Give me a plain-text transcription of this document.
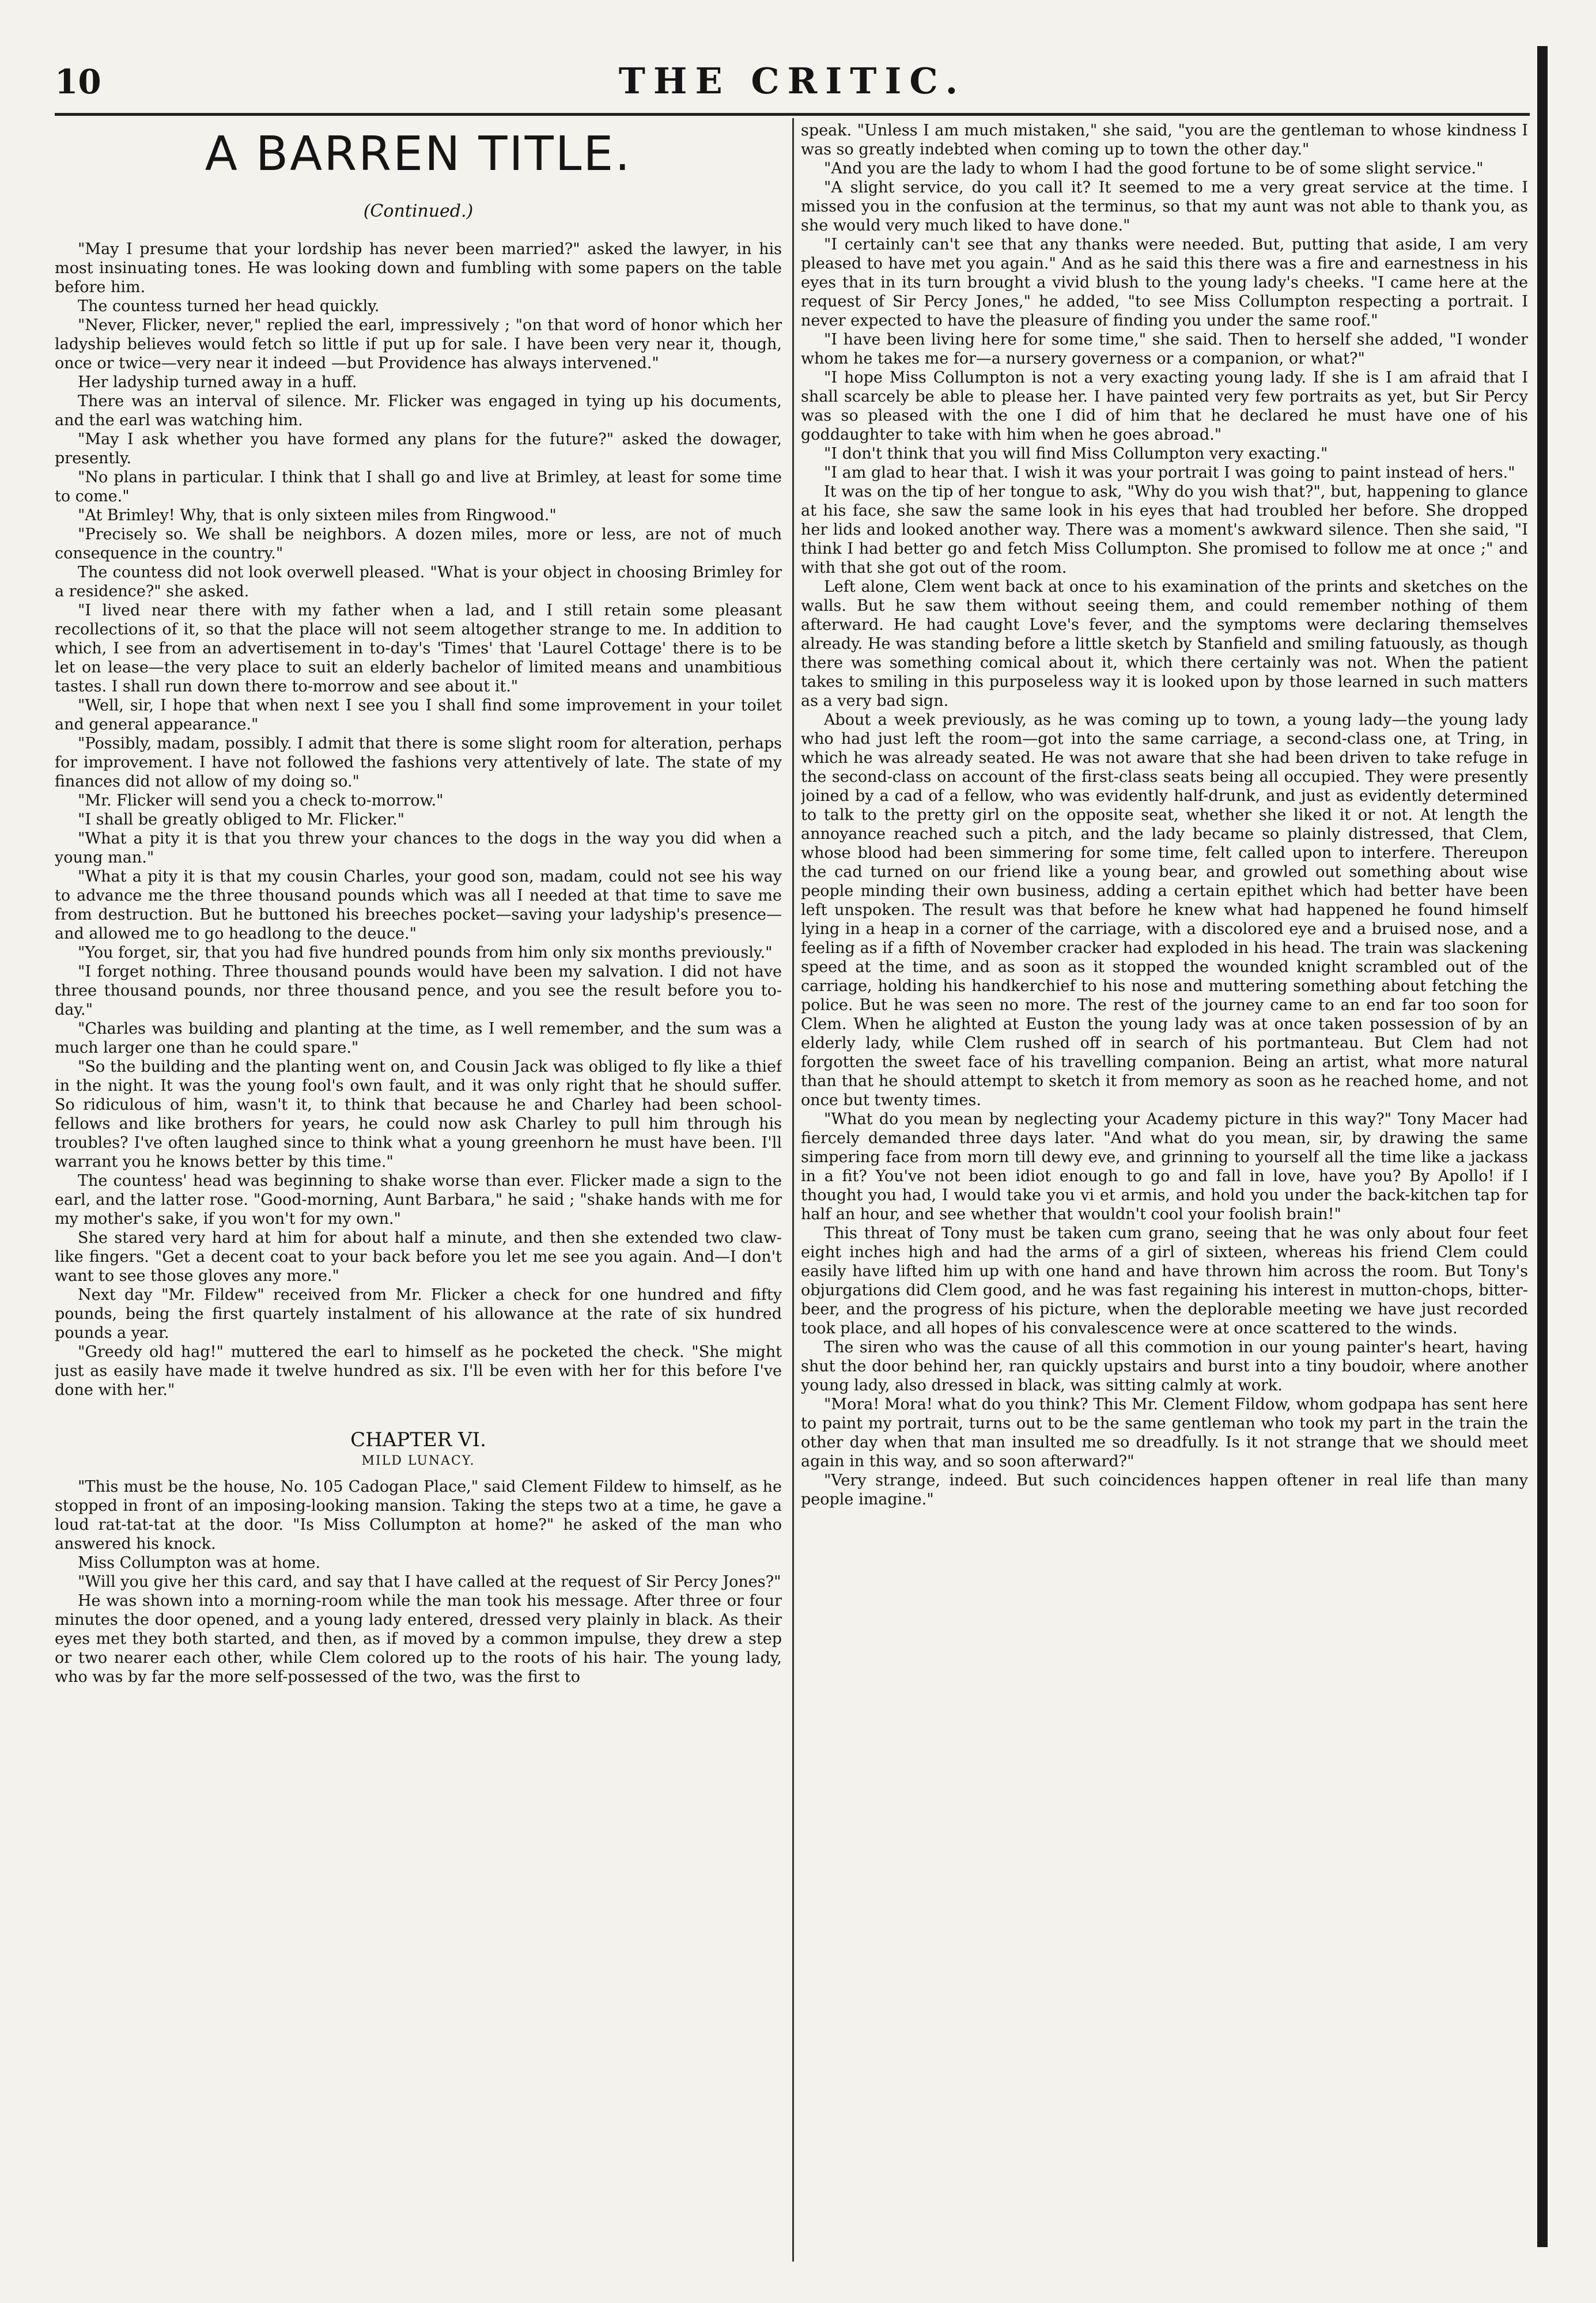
10	THE CRITIC.
A BARREN TITLE.
(Continued.)

"May I presume that your lordship has never been married?" asked the lawyer, in his most insinuating tones. He was looking down and fumbling with some papers on the table before him.

The countess turned her head quickly.

"Never, Flicker, never," replied the earl, impressively ; "on that word of honor which her ladyship believes would fetch so little if put up for sale. I have been very near it, though, once or twice—very near it indeed —but Providence has always intervened."

Her ladyship turned away in a huff.

There was an interval of silence. Mr. Flicker was engaged in tying up his documents, and the earl was watching him.

"May I ask whether you have formed any plans for the future?" asked the dowager, presently.

"No plans in particular. I think that I shall go and live at Brimley, at least for some time to come."

"At Brimley! Why, that is only sixteen miles from Ringwood."

"Precisely so. We shall be neighbors. A dozen miles, more or less, are not of much consequence in the country."

The countess did not look overwell pleased. "What is your object in choosing Brimley for a residence?" she asked.

"I lived near there with my father when a lad, and I still retain some pleasant recollections of it, so that the place will not seem altogether strange to me. In addition to which, I see from an advertisement in to-day's 'Times' that 'Laurel Cottage' there is to be let on lease—the very place to suit an elderly bachelor of limited means and unambitious tastes. I shall run down there to-morrow and see about it."

"Well, sir, I hope that when next I see you I shall find some improvement in your toilet and general appearance."

"Possibly, madam, possibly. I admit that there is some slight room for alteration, perhaps for improvement. I have not followed the fashions very attentively of late. The state of my finances did not allow of my doing so."

"Mr. Flicker will send you a check to-morrow."

"I shall be greatly obliged to Mr. Flicker."

"What a pity it is that you threw your chances to the dogs in the way you did when a young man."

"What a pity it is that my cousin Charles, your good son, madam, could not see his way to advance me the three thousand pounds which was all I needed at that time to save me from destruction. But he buttoned his breeches pocket—saving your ladyship's presence—and allowed me to go headlong to the deuce."

"You forget, sir, that you had five hundred pounds from him only six months previously."

"I forget nothing. Three thousand pounds would have been my salvation. I did not have three thousand pounds, nor three thousand pence, and you see the result before you to-day."

"Charles was building and planting at the time, as I well remember, and the sum was a much larger one than he could spare."

"So the building and the planting went on, and Cousin Jack was obliged to fly like a thief in the night. It was the young fool's own fault, and it was only right that he should suffer. So ridiculous of him, wasn't it, to think that because he and Charley had been school-fellows and like brothers for years, he could now ask Charley to pull him through his troubles? I've often laughed since to think what a young greenhorn he must have been. I'll warrant you he knows better by this time."

The countess' head was beginning to shake worse than ever. Flicker made a sign to the earl, and the latter rose. "Good-morning, Aunt Barbara," he said ; "shake hands with me for my mother's sake, if you won't for my own."

She stared very hard at him for about half a minute, and then she extended two claw-like fingers. "Get a decent coat to your back before you let me see you again. And—I don't want to see those gloves any more."

Next day "Mr. Fildew" received from Mr. Flicker a check for one hundred and fifty pounds, being the first quartely instalment of his allowance at the rate of six hundred pounds a year.

"Greedy old hag!" muttered the earl to himself as he pocketed the check. "She might just as easily have made it twelve hundred as six. I'll be even with her for this before I've done with her."

CHAPTER VI.
MILD LUNACY.

"This must be the house, No. 105 Cadogan Place," said Clement Fildew to himself, as he stopped in front of an imposing-looking mansion. Taking the steps two at a time, he gave a loud rat-tat-tat at the door. "Is Miss Collumpton at home?" he asked of the man who answered his knock.

Miss Collumpton was at home.

"Will you give her this card, and say that I have called at the request of Sir Percy Jones?"

He was shown into a morning-room while the man took his message. After three or four minutes the door opened, and a young lady entered, dressed very plainly in black. As their eyes met they both started, and then, as if moved by a common impulse, they drew a step or two nearer each other, while Clem colored up to the roots of his hair. The young lady, who was by far the more self-possessed of the two, was the first to

speak. "Unless I am much mistaken," she said, "you are the gentleman to whose kindness I was so greatly indebted when coming up to town the other day."

"And you are the lady to whom I had the good fortune to be of some slight service."

"A slight service, do you call it? It seemed to me a very great service at the time. I missed you in the confusion at the terminus, so that my aunt was not able to thank you, as she would very much liked to have done."

"I certainly can't see that any thanks were needed. But, putting that aside, I am very pleased to have met you again." And as he said this there was a fire and earnestness in his eyes that in its turn brought a vivid blush to the young lady's cheeks. "I came here at the request of Sir Percy Jones," he added, "to see Miss Collumpton respecting a portrait. I never expected to have the pleasure of finding you under the same roof."

"I have been living here for some time," she said. Then to herself she added, "I wonder whom he takes me for—a nursery governess or a companion, or what?"

"I hope Miss Collumpton is not a very exacting young lady. If she is I am afraid that I shall scarcely be able to please her. I have painted very few portraits as yet, but Sir Percy was so pleased with the one I did of him that he declared he must have one of his goddaughter to take with him when he goes abroad."

"I don't think that you will find Miss Collumpton very exacting."

"I am glad to hear that. I wish it was your portrait I was going to paint instead of hers."

It was on the tip of her tongue to ask, "Why do you wish that?", but, happening to glance at his face, she saw the same look in his eyes that had troubled her before. She dropped her lids and looked another way. There was a moment's awkward silence. Then she said, "I think I had better go and fetch Miss Collumpton. She promised to follow me at once ;" and with that she got out of the room.

Left alone, Clem went back at once to his examination of the prints and sketches on the walls. But he saw them without seeing them, and could remember nothing of them afterward. He had caught Love's fever, and the symptoms were declaring themselves already. He was standing before a little sketch by Stanfield and smiling fatuously, as though there was something comical about it, which there certainly was not. When the patient takes to smiling in this purposeless way it is looked upon by those learned in such matters as a very bad sign.

About a week previously, as he was coming up to town, a young lady—the young lady who had just left the room—got into the same carriage, a second-class one, at Tring, in which he was already seated. He was not aware that she had been driven to take refuge in the second-class on account of the first-class seats being all occupied. They were presently joined by a cad of a fellow, who was evidently half-drunk, and just as evidently determined to talk to the pretty girl on the opposite seat, whether she liked it or not. At length the annoyance reached such a pitch, and the lady became so plainly distressed, that Clem, whose blood had been simmering for some time, felt called upon to interfere. Thereupon the cad turned on our friend like a young bear, and growled out something about wise people minding their own business, adding a certain epithet which had better have been left unspoken. The result was that before he knew what had happened he found himself lying in a heap in a corner of the carriage, with a discolored eye and a bruised nose, and a feeling as if a fifth of November cracker had exploded in his head. The train was slackening speed at the time, and as soon as it stopped the wounded knight scrambled out of the carriage, holding his handkerchief to his nose and muttering something about fetching the police. But he was seen no more. The rest of the journey came to an end far too soon for Clem. When he alighted at Euston the young lady was at once taken possession of by an elderly lady, while Clem rushed off in search of his portmanteau. But Clem had not forgotten the sweet face of his travelling companion. Being an artist, what more natural than that he should attempt to sketch it from memory as soon as he reached home, and not once but twenty times.

"What do you mean by neglecting your Academy picture in this way?" Tony Macer had fiercely demanded three days later. "And what do you mean, sir, by drawing the same simpering face from morn till dewy eve, and grinning to yourself all the time like a jackass in a fit? You've not been idiot enough to go and fall in love, have you? By Apollo! if I thought you had, I would take you vi et armis, and hold you under the back-kitchen tap for half an hour, and see whether that wouldn't cool your foolish brain!"

This threat of Tony must be taken cum grano, seeing that he was only about four feet eight inches high and had the arms of a girl of sixteen, whereas his friend Clem could easily have lifted him up with one hand and have thrown him across the room. But Tony's objurgations did Clem good, and he was fast regaining his interest in mutton-chops, bitter-beer, and the progress of his picture, when the deplorable meeting we have just recorded took place, and all hopes of his convalescence were at once scattered to the winds.

The siren who was the cause of all this commotion in our young painter's heart, having shut the door behind her, ran quickly upstairs and burst into a tiny boudoir, where another young lady, also dressed in black, was sitting calmly at work.

"Mora! Mora! what do you think? This Mr. Clement Fildow, whom godpapa has sent here to paint my portrait, turns out to be the same gentleman who took my part in the train the other day when that man insulted me so dreadfully. Is it not strange that we should meet again in this way, and so soon afterward?"

"Very strange, indeed. But such coincidences happen oftener in real life than many people imagine."
